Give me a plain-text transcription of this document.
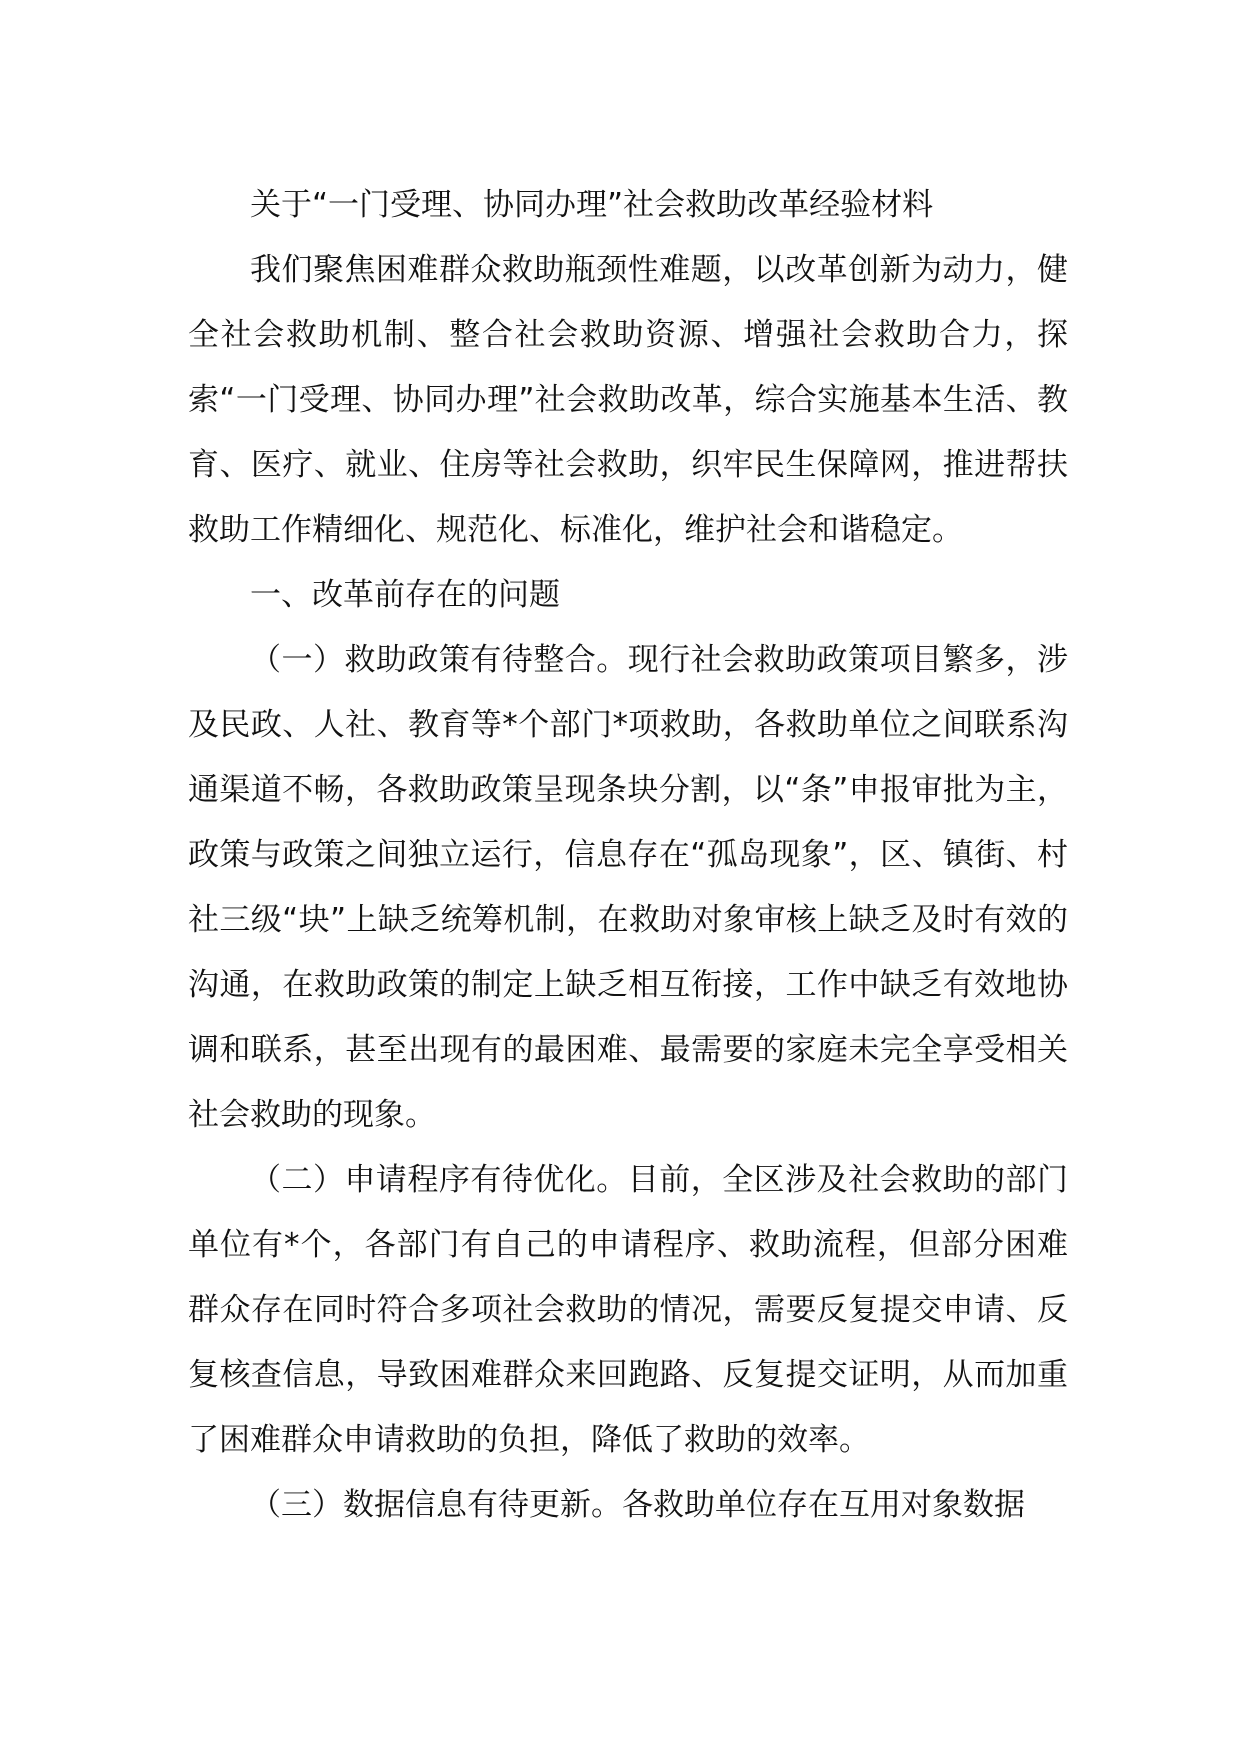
关于“一门受理、协同办理”社会救助改革经验材料

我们聚焦困难群众救助瓶颈性难题，以改革创新为动力，健全社会救助机制、整合社会救助资源、增强社会救助合力，探索“一门受理、协同办理”社会救助改革，综合实施基本生活、教育、医疗、就业、住房等社会救助，织牢民生保障网，推进帮扶救助工作精细化、规范化、标准化，维护社会和谐稳定。

一、改革前存在的问题

（一）救助政策有待整合。现行社会救助政策项目繁多，涉及民政、人社、教育等*个部门*项救助，各救助单位之间联系沟通渠道不畅，各救助政策呈现条块分割，以“条”申报审批为主，政策与政策之间独立运行，信息存在“孤岛现象”，区、镇街、村社三级“块”上缺乏统筹机制，在救助对象审核上缺乏及时有效的沟通，在救助政策的制定上缺乏相互衔接，工作中缺乏有效地协调和联系，甚至出现有的最困难、最需要的家庭未完全享受相关社会救助的现象。

（二）申请程序有待优化。目前，全区涉及社会救助的部门单位有*个，各部门有自己的申请程序、救助流程，但部分困难群众存在同时符合多项社会救助的情况，需要反复提交申请、反复核查信息，导致困难群众来回跑路、反复提交证明，从而加重了困难群众申请救助的负担，降低了救助的效率。

（三）数据信息有待更新。各救助单位存在互用对象数据
